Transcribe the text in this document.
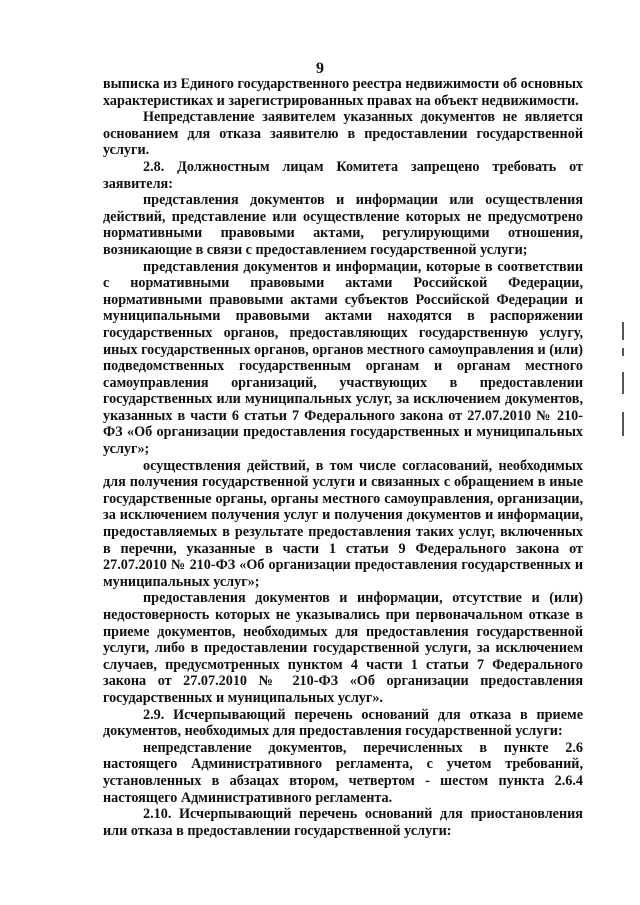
9

выписка из Единого государственного реестра недвижимости об основных характеристиках и зарегистрированных правах на объект недвижимости.

Непредставление заявителем указанных документов не является основанием для отказа заявителю в предоставлении государственной услуги.

2.8. Должностным лицам Комитета запрещено требовать от заявителя:

представления документов и информации или осуществления действий, представление или осуществление которых не предусмотрено нормативными правовыми актами, регулирующими отношения, возникающие в связи с предоставлением государственной услуги;

представления документов и информации, которые в соответствии с нормативными правовыми актами Российской Федерации, нормативными правовыми актами субъектов Российской Федерации и муниципальными правовыми актами находятся в распоряжении государственных органов, предоставляющих государственную услугу, иных государственных органов, органов местного самоуправления и (или) подведомственных государственным органам и органам местного самоуправления организаций, участвующих в предоставлении государственных или муниципальных услуг, за исключением документов, указанных в части 6 статьи 7 Федерального закона от 27.07.2010 № 210-ФЗ «Об организации предоставления государственных и муниципальных услуг»;

осуществления действий, в том числе согласований, необходимых для получения государственной услуги и связанных с обращением в иные государственные органы, органы местного самоуправления, организации, за исключением получения услуг и получения документов и информации, предоставляемых в результате предоставления таких услуг, включенных в перечни, указанные в части 1 статьи 9 Федерального закона от 27.07.2010 № 210-ФЗ «Об организации предоставления государственных и муниципальных услуг»;

предоставления документов и информации, отсутствие и (или) недостоверность которых не указывались при первоначальном отказе в приеме документов, необходимых для предоставления государственной услуги, либо в предоставлении государственной услуги, за исключением случаев, предусмотренных пунктом 4 части 1 статьи 7 Федерального закона от 27.07.2010 № 210-ФЗ «Об организации предоставления государственных и муниципальных услуг».

2.9. Исчерпывающий перечень оснований для отказа в приеме документов, необходимых для предоставления государственной услуги:

непредставление документов, перечисленных в пункте 2.6 настоящего Административного регламента, с учетом требований, установленных в абзацах втором, четвертом - шестом пункта 2.6.4 настоящего Административного регламента.

2.10. Исчерпывающий перечень оснований для приостановления или отказа в предоставлении государственной услуги:
